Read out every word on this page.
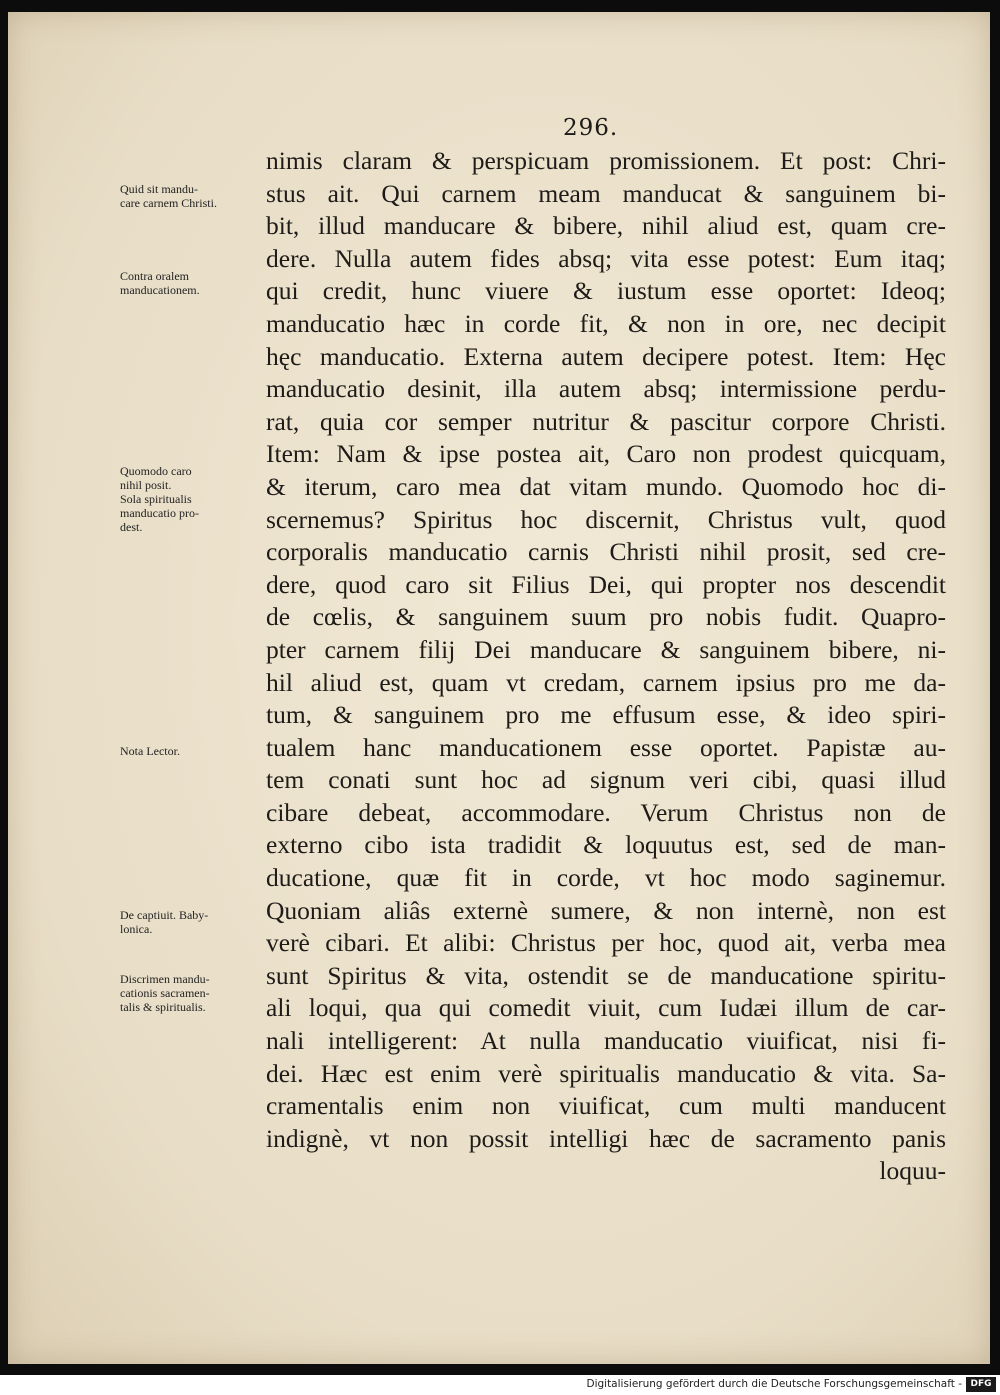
296.
Quid sit mandu-
care carnem Christi.
Contra oralem
manducationem.
Quomodo caro
nihil posit.
Sola spiritualis
manducatio pro-
dest.
Nota Lector.
De captiuit. Baby-
lonica.
Discrimen mandu-
cationis sacramen-
talis & spiritualis.
nimis claram & perspicuam promissionem. Et post: Chri-
stus ait. Qui carnem meam manducat & sanguinem bi-
bit, illud manducare & bibere, nihil aliud est, quam cre-
dere. Nulla autem fides absq; vita esse potest: Eum itaq;
qui credit, hunc viuere & iustum esse oportet: Ideoq;
manducatio hæc in corde fit, & non in ore, nec decipit
hęc manducatio. Externa autem decipere potest. Item: Hęc
manducatio desinit, illa autem absq; intermissione perdu-
rat, quia cor semper nutritur & pascitur corpore Christi.
Item: Nam & ipse postea ait, Caro non prodest quicquam,
& iterum, caro mea dat vitam mundo. Quomodo hoc di-
scernemus? Spiritus hoc discernit, Christus vult, quod
corporalis manducatio carnis Christi nihil prosit, sed cre-
dere, quod caro sit Filius Dei, qui propter nos descendit
de cœlis, & sanguinem suum pro nobis fudit. Quapro-
pter carnem filij Dei manducare & sanguinem bibere, ni-
hil aliud est, quam vt credam, carnem ipsius pro me da-
tum, & sanguinem pro me effusum esse, & ideo spiri-
tualem hanc manducationem esse oportet. Papistæ au-
tem conati sunt hoc ad signum veri cibi, quasi illud
cibare debeat, accommodare. Verum Christus non de
externo cibo ista tradidit & loquutus est, sed de man-
ducatione, quæ fit in corde, vt hoc modo saginemur.
Quoniam aliâs externè sumere, & non internè, non est
verè cibari. Et alibi: Christus per hoc, quod ait, verba mea
sunt Spiritus & vita, ostendit se de manducatione spiritu-
ali loqui, qua qui comedit viuit, cum Iudæi illum de car-
nali intelligerent: At nulla manducatio viuificat, nisi fi-
dei. Hæc est enim verè spiritualis manducatio & vita. Sa-
cramentalis enim non viuificat, cum multi manducent
indignè, vt non possit intelligi hæc de sacramento panis
loquu-
Digitalisierung gefördert durch die Deutsche Forschungsgemeinschaft - DFG
